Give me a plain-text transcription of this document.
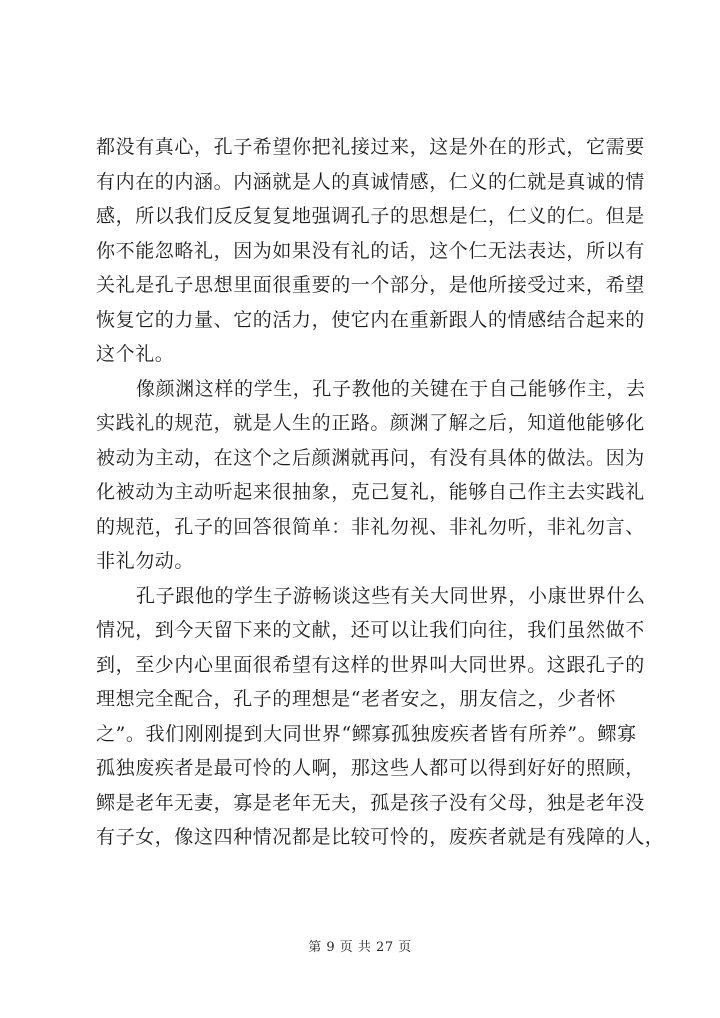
都没有真心，孔子希望你把礼接过来，这是外在的形式，它需要
有内在的内涵。内涵就是人的真诚情感，仁义的仁就是真诚的情
感，所以我们反反复复地强调孔子的思想是仁，仁义的仁。但是
你不能忽略礼，因为如果没有礼的话，这个仁无法表达，所以有
关礼是孔子思想里面很重要的一个部分，是他所接受过来，希望
恢复它的力量、它的活力，使它内在重新跟人的情感结合起来的
这个礼。

像颜渊这样的学生，孔子教他的关键在于自己能够作主，去
实践礼的规范，就是人生的正路。颜渊了解之后，知道他能够化
被动为主动，在这个之后颜渊就再问，有没有具体的做法。因为
化被动为主动听起来很抽象，克己复礼，能够自己作主去实践礼
的规范，孔子的回答很简单：非礼勿视、非礼勿听，非礼勿言、
非礼勿动。

孔子跟他的学生子游畅谈这些有关大同世界，小康世界什么
情况，到今天留下来的文献，还可以让我们向往，我们虽然做不
到，至少内心里面很希望有这样的世界叫大同世界。这跟孔子的
理想完全配合，孔子的理想是“老者安之，朋友信之，少者怀
之”。我们刚刚提到大同世界“鳏寡孤独废疾者皆有所养”。鳏寡
孤独废疾者是最可怜的人啊，那这些人都可以得到好好的照顾，
鳏是老年无妻，寡是老年无夫，孤是孩子没有父母，独是老年没
有子女，像这四种情况都是比较可怜的，废疾者就是有残障的人，

第 9 页 共 27 页
